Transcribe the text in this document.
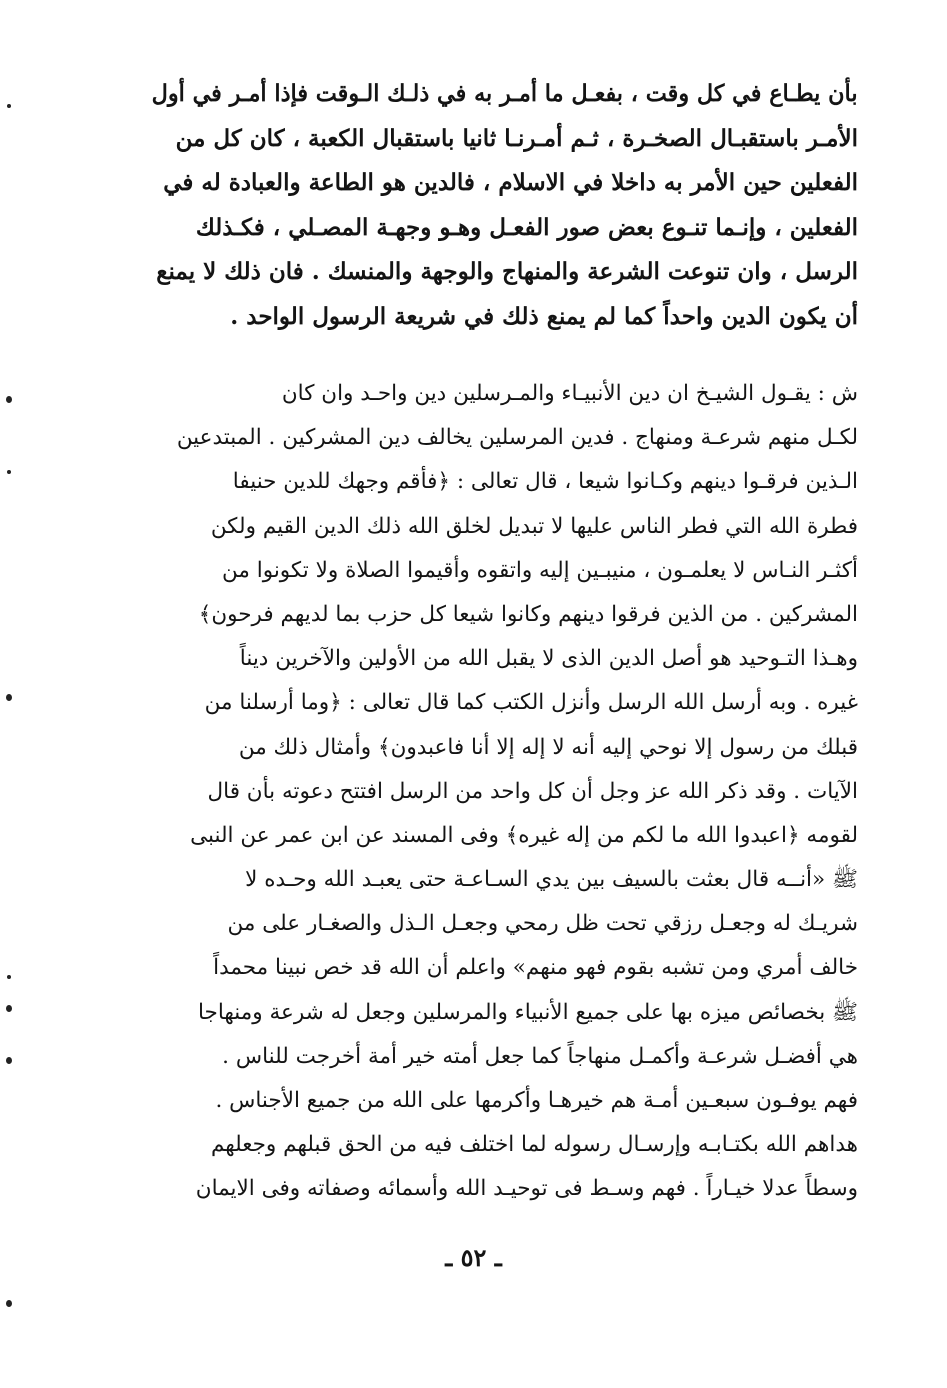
بأن يطـاع في كل وقت ، بفعـل ما أمـر به في ذلـك الـوقت فإذا أمـر في أول
الأمـر باستقبـال الصخـرة ، ثـم أمـرنـا ثانيا باستقبال الكعبة ، كان كل من
الفعلين حين الأمر به داخلا في الاسلام ، فالدين هو الطاعة والعبادة له في
الفعلين ، وإنـما تنـوع بعض صور الفعـل وهـو وجهـة المصـلي ، فكـذلك
الرسل ، وان تنوعت الشرعة والمنهاج والوجهة والمنسك . فان ذلك لا يمنع
أن يكون الدين واحداً كما لم يمنع ذلك في شريعة الرسول الواحد .
ش : يقـول الشيـخ ان دين الأنبيـاء والمـرسلين دين واحـد وان كان
لكـل منهم شرعـة ومنهاج . فدين المرسلين يخالف دين المشركين . المبتدعين
الـذين فرقـوا دينهم وكـانوا شيعا ، قال تعالى : ﴿فأقم وجهك للدين حنيفا
فطرة الله التي فطر الناس عليها لا تبديل لخلق الله ذلك الدين القيم ولكن
أكثـر النـاس لا يعلمـون ، منيبـين إليه واتقوه وأقيموا الصلاة ولا تكونوا من
المشركين . من الذين فرقوا دينهم وكانوا شيعا كل حزب بما لديهم فرحون﴾
وهـذا التـوحيد هو أصل الدين الذى لا يقبل الله من الأولين والآخرين ديناً
غيره . وبه أرسل الله الرسل وأنزل الكتب كما قال تعالى : ﴿وما أرسلنا من
قبلك من رسول إلا نوحي إليه أنه لا إله إلا أنا فاعبدون﴾ وأمثال ذلك من
الآيات . وقد ذكر الله عز وجل أن كل واحد من الرسل افتتح دعوته بأن قال
لقومه ﴿اعبدوا الله ما لكم من إله غيره﴾ وفى المسند عن ابن عمر عن النبى
ﷺ «أنــه قال بعثت بالسيف بين يدي السـاعـة حتى يعبـد الله وحـده لا
شريـك له وجعـل رزقي تحت ظل رمحي وجعـل الـذل والصغـار على من
خالف أمري ومن تشبه بقوم فهو منهم» واعلم أن الله قد خص نبينا محمداً
ﷺ بخصائص ميزه بها على جميع الأنبياء والمرسلين وجعل له شرعة ومنهاجا
هي أفضـل شرعـة وأكمـل منهاجاً كما جعل أمته خير أمة أخرجت للناس .
فهم يوفـون سبعـين أمـة هم خيرهـا وأكرمها على الله من جميع الأجناس .
هداهم الله بكتـابـه وإرسـال رسوله لما اختلف فيه من الحق قبلهم وجعلهم
وسطاً عدلا خيـاراً . فهم وسـط فى توحيـد الله وأسمائه وصفاته وفى الايمان
ـ ٥٢ ـ
